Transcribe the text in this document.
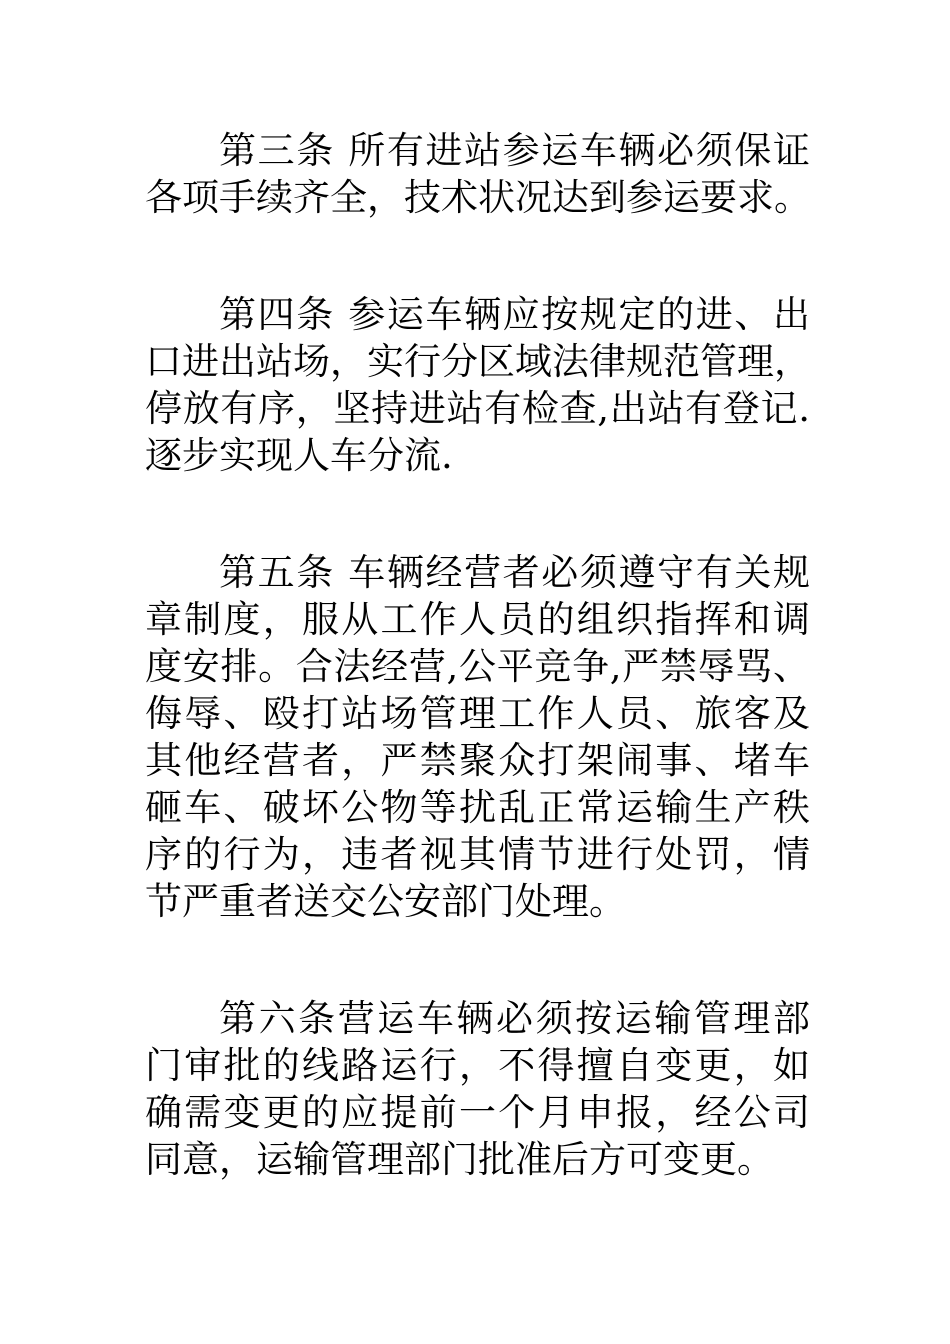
第三条 所有进站参运车辆必须保证
各项手续齐全，技术状况达到参运要求。
第四条 参运车辆应按规定的进、出
口进出站场，实行分区域法律规范管理，
停放有序，坚持进站有检查,出站有登记.
逐步实现人车分流.
第五条 车辆经营者必须遵守有关规
章制度，服从工作人员的组织指挥和调
度安排。合法经营,公平竞争,严禁辱骂、
侮辱、殴打站场管理工作人员、旅客及
其他经营者，严禁聚众打架闹事、堵车
砸车、破坏公物等扰乱正常运输生产秩
序的行为，违者视其情节进行处罚，情
节严重者送交公安部门处理。
第六条营运车辆必须按运输管理部
门审批的线路运行，不得擅自变更，如
确需变更的应提前一个月申报，经公司
同意，运输管理部门批准后方可变更。
